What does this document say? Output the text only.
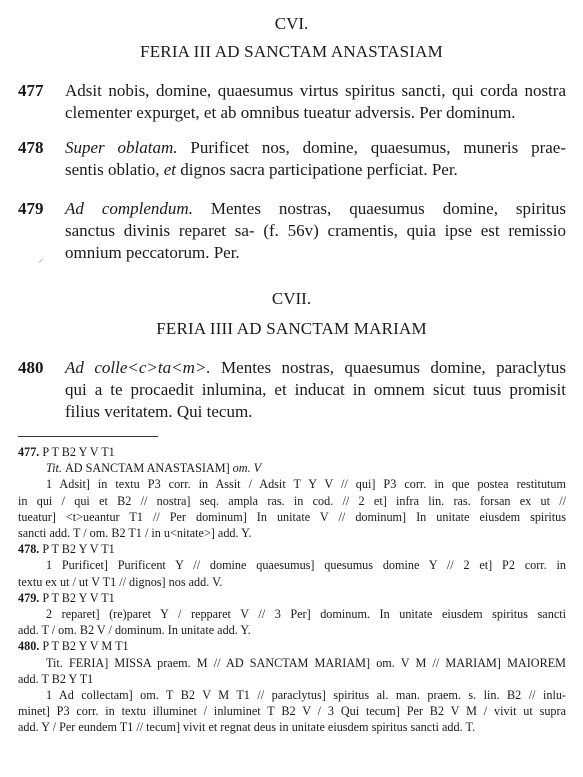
CVI.
FERIA III AD SANCTAM ANASTASIAM
477	Adsit nobis, domine, quaesumus virtus spiritus sancti, qui corda nostra
clementer expurget, et ab omnibus tueatur adversis. Per dominum.
478	Super oblatam. Purificet nos, domine, quaesumus, muneris prae-
sentis oblatio, et dignos sacra participatione perficiat. Per.
479	Ad complendum. Mentes nostras, quaesumus domine, spiritus
sanctus divinis reparet sa- (f. 56v) cramentis, quia ipse est remissio
omnium peccatorum. Per.
⸝
CVII.
FERIA IIII AD SANCTAM MARIAM
480	Ad colle<c>ta<m>. Mentes nostras, quaesumus domine, paraclytus
qui a te procaedit inlumina, et inducat in omnem sicut tuus promisit
filius veritatem. Qui tecum.
477. P T B2 Y V T1
Tit. AD SANCTAM ANASTASIAM] om. V
1 Adsit] in textu P3 corr. in Assit / Adsit T Y V // qui] P3 corr. in que postea restitutum
in qui / qui et B2 // nostra] seq. ampla ras. in cod. // 2 et] infra lin. ras. forsan ex ut //
tueatur] <t>ueantur T1 // Per dominum] In unitate V // dominum] In unitate eiusdem spiritus
sancti add. T / om. B2 T1 / in u<nitate>] add. Y.
478. P T B2 Y V T1
1 Purificet] Purificent Y // domine quaesumus] quesumus domine Y // 2 et] P2 corr. in
textu ex ut / ut V T1 // dignos] nos add. V.
479. P T B2 Y V T1
2 reparet] (re)paret Y / repparet V // 3 Per] dominum. In unitate eiusdem spiritus sancti
add. T / om. B2 V / dominum. In unitate add. Y.
480. P T B2 Y V M T1
Tit. FERIA] MISSA praem. M // AD SANCTAM MARIAM] om. V M // MARIAM] MAIOREM
add. T B2 Y T1
1 Ad collectam] om. T B2 V M T1 // paraclytus] spiritus al. man. praem. s. lin. B2 // inlu-
minet] P3 corr. in textu illuminet / inluminet T B2 V / 3 Qui tecum] Per B2 V M / vivit ut supra
add. Y / Per eundem T1 // tecum] vivit et regnat deus in unitate eiusdem spiritus sancti add. T.
